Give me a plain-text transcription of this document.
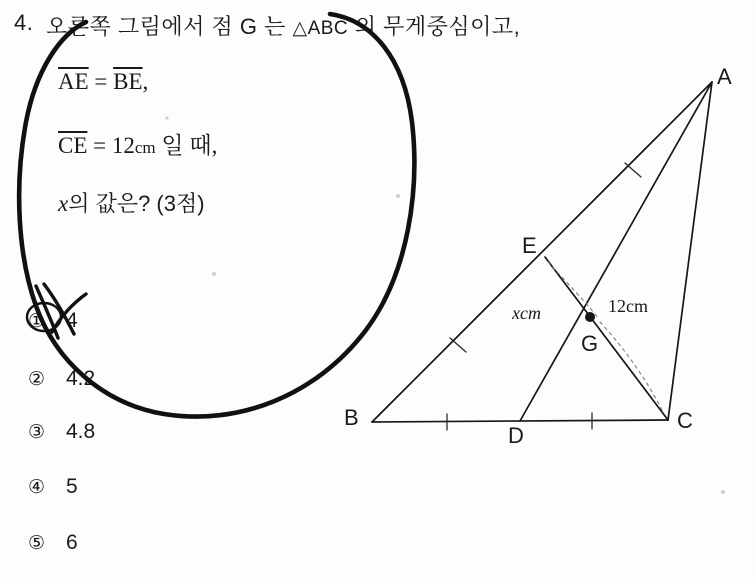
4. 오른쪽 그림에서 점 G 는 △ABC 의 무게중심이고,
$\overline{AE} = \overline{BE}$,
$\overline{CE} = 12cm$ 일 때,
x의 값은? (3점)
① 4
② 4.2
③ 4.8
④ 5
⑤ 6
A
B	C
D
E
G
xcm	12cm
